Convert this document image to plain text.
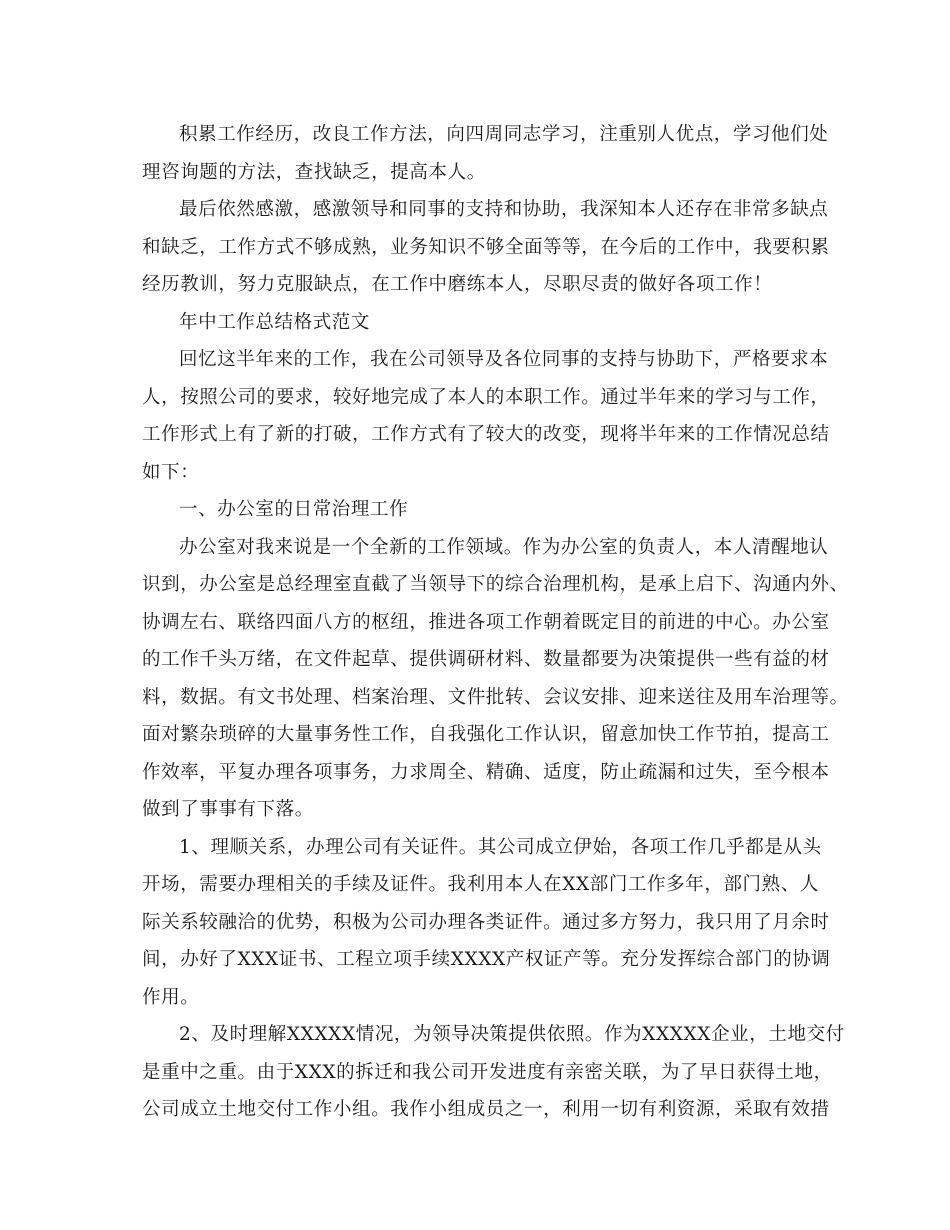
积累工作经历，改良工作方法，向四周同志学习，注重别人优点，学习他们处
理咨询题的方法，查找缺乏，提高本人。
最后依然感激，感激领导和同事的支持和协助，我深知本人还存在非常多缺点
和缺乏，工作方式不够成熟，业务知识不够全面等等，在今后的工作中，我要积累
经历教训，努力克服缺点，在工作中磨练本人，尽职尽责的做好各项工作！
年中工作总结格式范文
回忆这半年来的工作，我在公司领导及各位同事的支持与协助下，严格要求本
人，按照公司的要求，较好地完成了本人的本职工作。通过半年来的学习与工作，
工作形式上有了新的打破，工作方式有了较大的改变，现将半年来的工作情况总结
如下：
一、办公室的日常治理工作
办公室对我来说是一个全新的工作领域。作为办公室的负责人，本人清醒地认
识到，办公室是总经理室直截了当领导下的综合治理机构，是承上启下、沟通内外、
协调左右、联络四面八方的枢纽，推进各项工作朝着既定目的前进的中心。办公室
的工作千头万绪，在文件起草、提供调研材料、数量都要为决策提供一些有益的材
料，数据。有文书处理、档案治理、文件批转、会议安排、迎来送往及用车治理等。
面对繁杂琐碎的大量事务性工作，自我强化工作认识，留意加快工作节拍，提高工
作效率，平复办理各项事务，力求周全、精确、适度，防止疏漏和过失，至今根本
做到了事事有下落。
1、理顺关系，办理公司有关证件。其公司成立伊始，各项工作几乎都是从头
开场，需要办理相关的手续及证件。我利用本人在XX部门工作多年，部门熟、人
际关系较融洽的优势，积极为公司办理各类证件。通过多方努力，我只用了月余时
间，办好了XXX证书、工程立项手续XXXX产权证产等。充分发挥综合部门的协调
作用。
2、及时理解XXXXX情况，为领导决策提供依照。作为XXXXX企业，土地交付
是重中之重。由于XXX的拆迁和我公司开发进度有亲密关联，为了早日获得土地，
公司成立土地交付工作小组。我作小组成员之一，利用一切有利资源，采取有效措
